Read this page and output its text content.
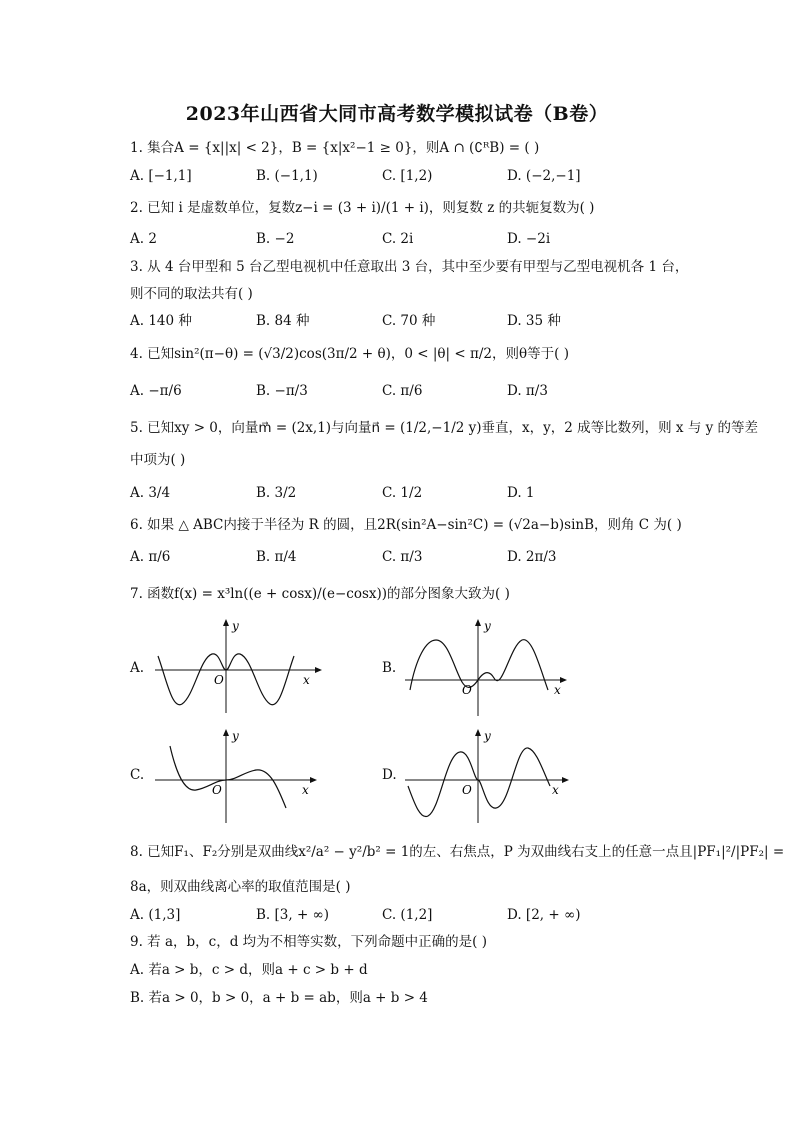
2023年山西省大同市高考数学模拟试卷（B卷）
1. 集合A = {x||x| < 2}，B = {x|x²−1 ≥ 0}，则A ∩ (∁ᴿB) = ( )
A. [−1,1]	B. (−1,1)	C. [1,2)	D. (−2,−1]
2. 已知 i 是虚数单位，复数z−i = (3 + i)/(1 + i)，则复数 z 的共轭复数为( )
A. 2	B. −2	C. 2i	D. −2i
3. 从 4 台甲型和 5 台乙型电视机中任意取出 3 台，其中至少要有甲型与乙型电视机各 1 台，
则不同的取法共有( )
A. 140 种	B. 84 种	C. 70 种	D. 35 种
4. 已知sin²(π−θ) = (√3/2)cos(3π/2 + θ)，0 < |θ| < π/2，则θ等于( )
A. −π/6	B. −π/3	C. π/6	D. π/3
5. 已知xy > 0，向量m⃗ = (2x,1)与向量n⃗ = (1/2,−1/2 y)垂直，x，y，2 成等比数列，则 x 与 y 的等差
中项为( )
A. 3/4	B. 3/2	C. 1/2	D. 1
6. 如果 △ ABC内接于半径为 R 的圆，且2R(sin²A−sin²C) = (√2a−b)sinB，则角 C 为( )
A. π/6	B. π/4	C. π/3	D. 2π/3
7. 函数f(x) = x³ln((e + cosx)/(e−cosx))的部分图象大致为( )
A.
y
x
O
B.
y
x
O
C.
y
x
O
D.
y
x
O
8. 已知F₁、F₂分别是双曲线x²/a² − y²/b² = 1的左、右焦点，P 为双曲线右支上的任意一点且|PF₁|²/|PF₂| =
8a，则双曲线离心率的取值范围是( )
A. (1,3]	B. [3, + ∞)	C. (1,2]	D. [2, + ∞)
9. 若 a，b，c，d 均为不相等实数，下列命题中正确的是( )
A. 若a > b，c > d，则a + c > b + d
B. 若a > 0，b > 0，a + b = ab，则a + b > 4
